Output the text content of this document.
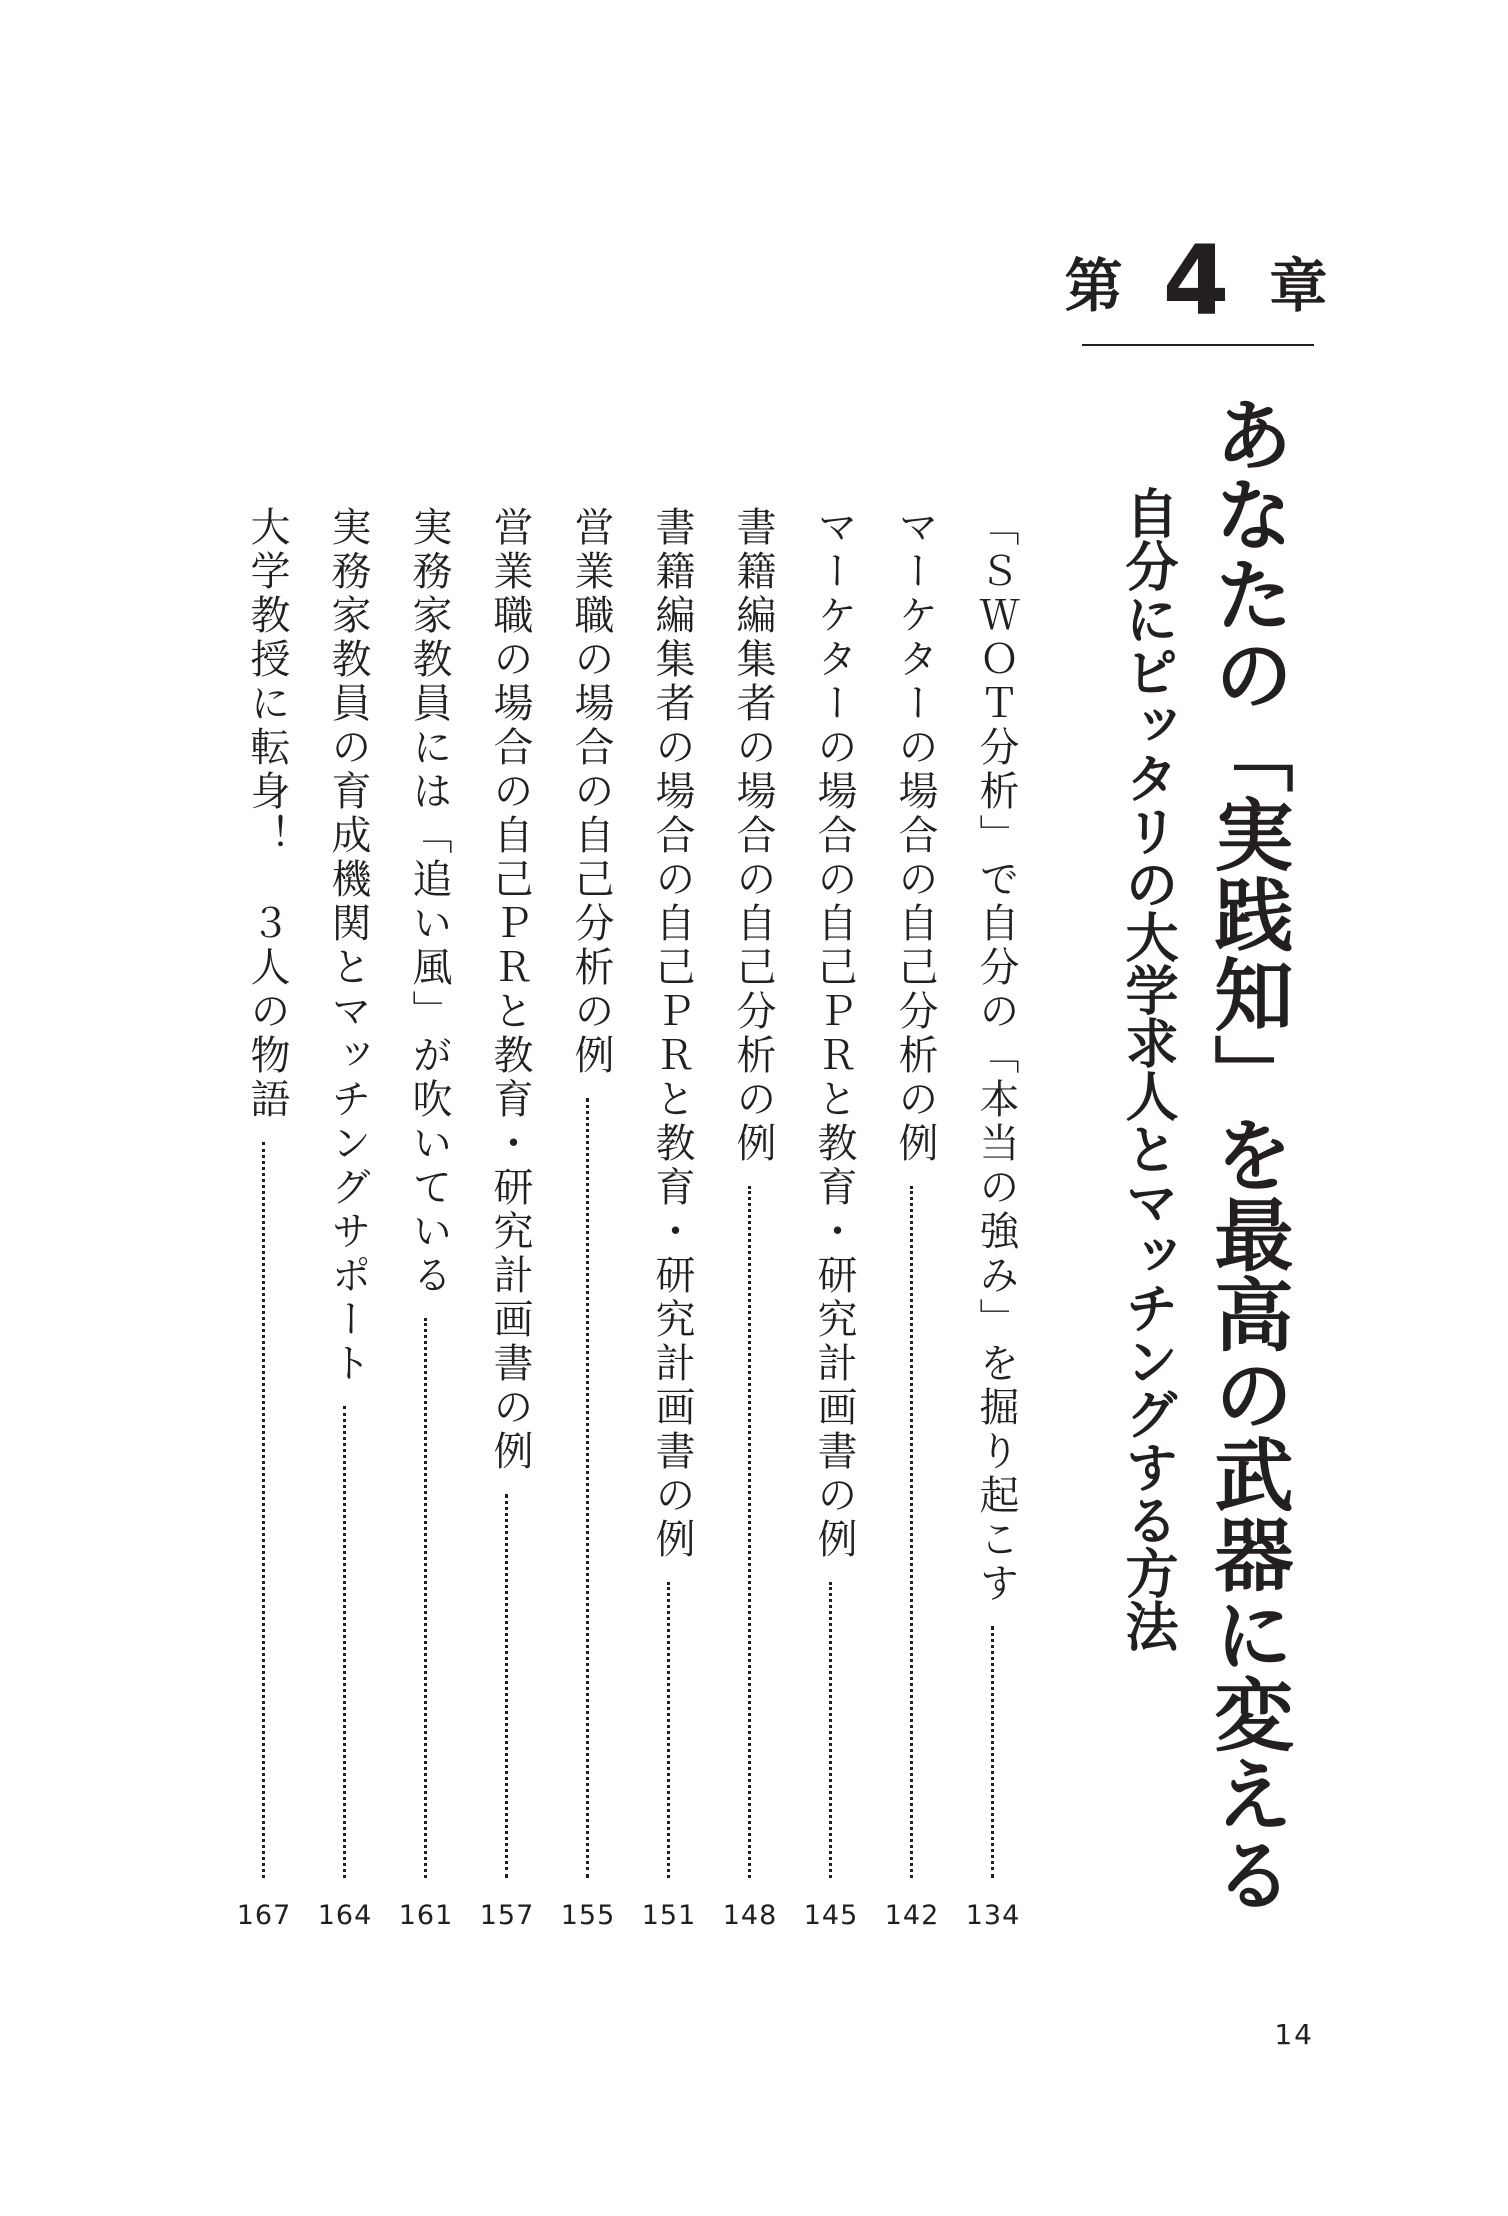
第 4 章
あなたの「実践知」を最高の武器に変える
自分にピッタリの大学求人とマッチングする方法
「ＳＷＯＴ分析」で自分の「本当の強み」を掘り起こす
マーケターの場合の自己分析の例
マーケターの場合の自己ＰＲと教育・研究計画書の例
書籍編集者の場合の自己分析の例
書籍編集者の場合の自己ＰＲと教育・研究計画書の例
営業職の場合の自己分析の例
営業職の場合の自己ＰＲと教育・研究計画書の例
実務家教員には「追い風」が吹いている
実務家教員の育成機関とマッチングサポート
大学教授に転身！　３人の物語
134
142
145
148
151
155
157
161
164
167
14
